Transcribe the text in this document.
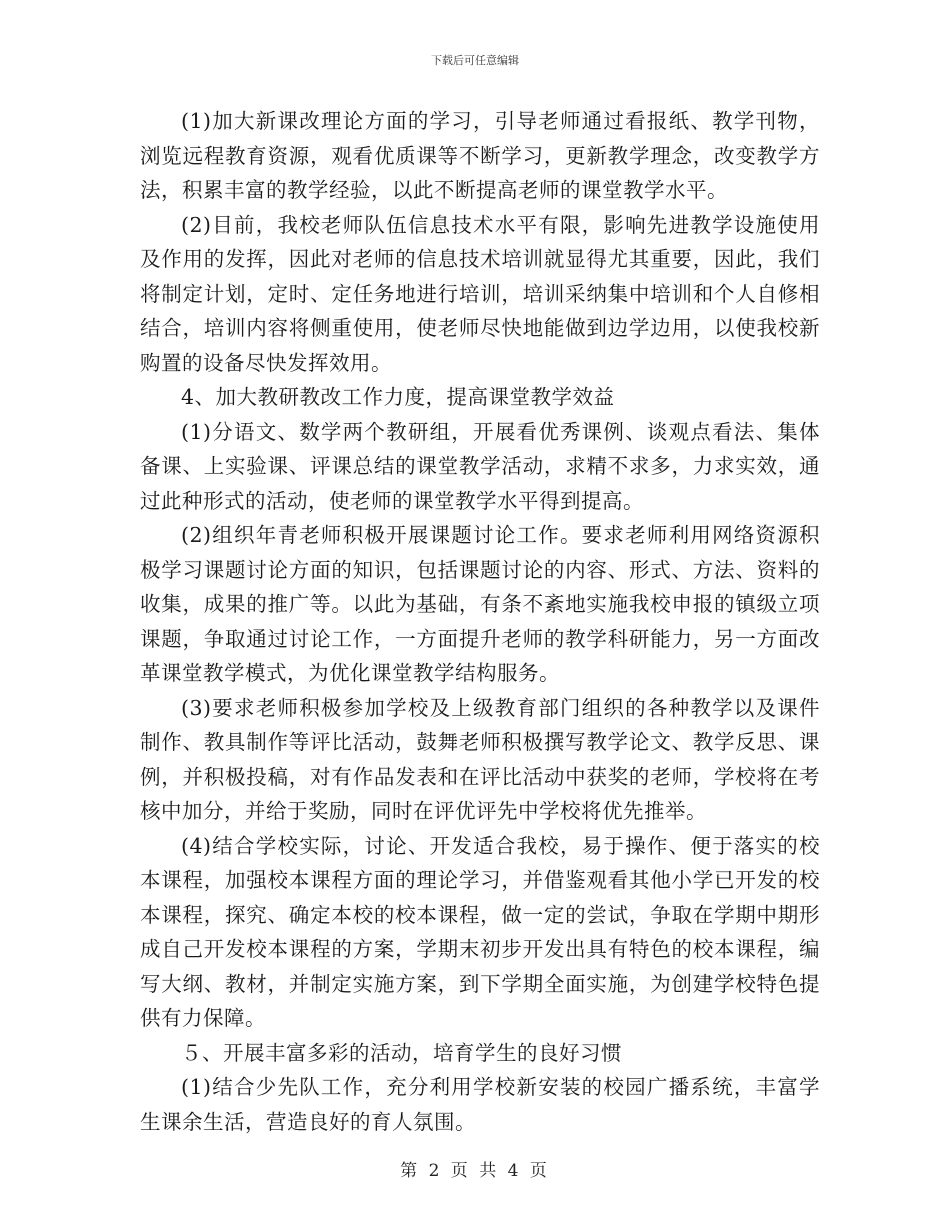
下载后可任意编辑

(1)加大新课改理论方面的学习，引导老师通过看报纸、教学刊物，浏览远程教育资源，观看优质课等不断学习，更新教学理念，改变教学方法，积累丰富的教学经验，以此不断提高老师的课堂教学水平。

(2)目前，我校老师队伍信息技术水平有限，影响先进教学设施使用及作用的发挥，因此对老师的信息技术培训就显得尤其重要，因此，我们将制定计划，定时、定任务地进行培训，培训采纳集中培训和个人自修相结合，培训内容将侧重使用，使老师尽快地能做到边学边用，以使我校新购置的设备尽快发挥效用。

4、加大教研教改工作力度，提高课堂教学效益

(1)分语文、数学两个教研组，开展看优秀课例、谈观点看法、集体备课、上实验课、评课总结的课堂教学活动，求精不求多，力求实效，通过此种形式的活动，使老师的课堂教学水平得到提高。

(2)组织年青老师积极开展课题讨论工作。要求老师利用网络资源积极学习课题讨论方面的知识，包括课题讨论的内容、形式、方法、资料的收集，成果的推广等。以此为基础，有条不紊地实施我校申报的镇级立项课题，争取通过讨论工作，一方面提升老师的教学科研能力，另一方面改革课堂教学模式，为优化课堂教学结构服务。

(3)要求老师积极参加学校及上级教育部门组织的各种教学以及课件制作、教具制作等评比活动，鼓舞老师积极撰写教学论文、教学反思、课例，并积极投稿，对有作品发表和在评比活动中获奖的老师，学校将在考核中加分，并给于奖励，同时在评优评先中学校将优先推举。

(4)结合学校实际，讨论、开发适合我校，易于操作、便于落实的校本课程，加强校本课程方面的理论学习，并借鉴观看其他小学已开发的校本课程，探究、确定本校的校本课程，做一定的尝试，争取在学期中期形成自己开发校本课程的方案，学期末初步开发出具有特色的校本课程，编写大纲、教材，并制定实施方案，到下学期全面实施，为创建学校特色提供有力保障。

５、开展丰富多彩的活动，培育学生的良好习惯

(1)结合少先队工作，充分利用学校新安装的校园广播系统，丰富学生课余生活，营造良好的育人氛围。

第 2 页 共 4 页
